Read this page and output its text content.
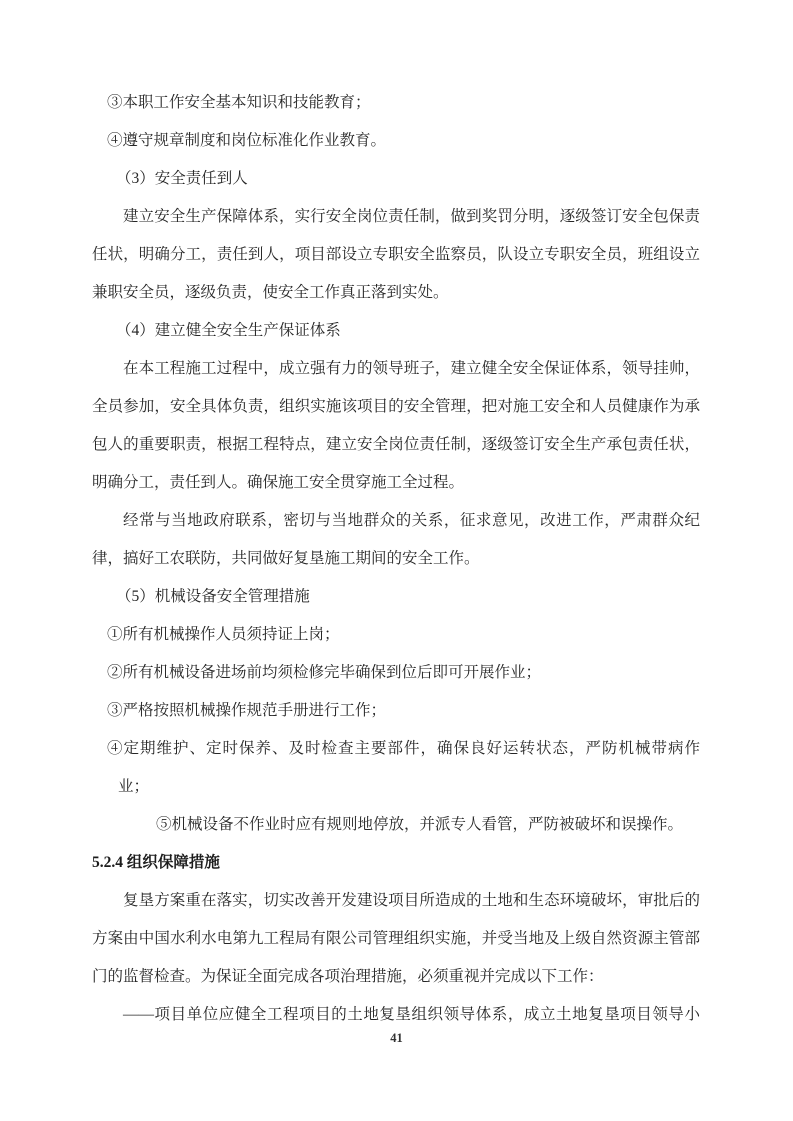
③本职工作安全基本知识和技能教育；
④遵守规章制度和岗位标准化作业教育。
（3）安全责任到人
建立安全生产保障体系，实行安全岗位责任制，做到奖罚分明，逐级签订安全包保责
任状，明确分工，责任到人，项目部设立专职安全监察员，队设立专职安全员，班组设立
兼职安全员，逐级负责，使安全工作真正落到实处。
（4）建立健全安全生产保证体系
在本工程施工过程中，成立强有力的领导班子，建立健全安全保证体系，领导挂帅，
全员参加，安全具体负责，组织实施该项目的安全管理，把对施工安全和人员健康作为承
包人的重要职责，根据工程特点，建立安全岗位责任制，逐级签订安全生产承包责任状，
明确分工，责任到人。确保施工安全贯穿施工全过程。
经常与当地政府联系，密切与当地群众的关系，征求意见，改进工作，严肃群众纪
律，搞好工农联防，共同做好复垦施工期间的安全工作。
（5）机械设备安全管理措施
①所有机械操作人员须持证上岗；
②所有机械设备进场前均须检修完毕确保到位后即可开展作业；
③严格按照机械操作规范手册进行工作；
④定期维护、定时保养、及时检查主要部件，确保良好运转状态，严防机械带病作
业；
⑤机械设备不作业时应有规则地停放，并派专人看管，严防被破坏和误操作。
5.2.4 组织保障措施
复垦方案重在落实，切实改善开发建设项目所造成的土地和生态环境破坏，审批后的
方案由中国水利水电第九工程局有限公司管理组织实施，并受当地及上级自然资源主管部
门的监督检查。为保证全面完成各项治理措施，必须重视并完成以下工作：
——项目单位应健全工程项目的土地复垦组织领导体系，成立土地复垦项目领导小
41
